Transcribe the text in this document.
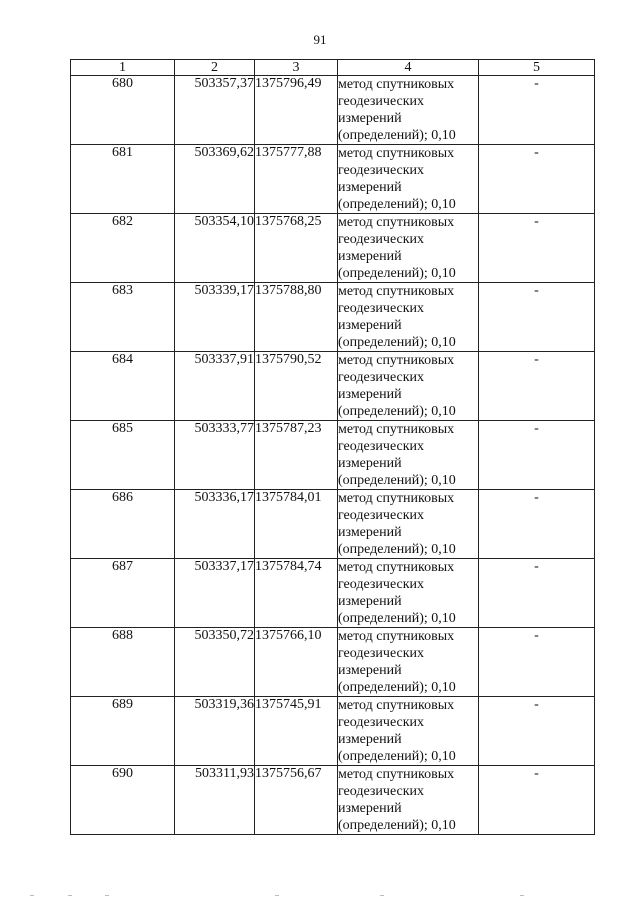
91
1	2	3	4	5
680	503357,37	1375796,49	метод спутниковых
геодезических
измерений
(определений); 0,10	-
681	503369,62	1375777,88	метод спутниковых
геодезических
измерений
(определений); 0,10	-
682	503354,10	1375768,25	метод спутниковых
геодезических
измерений
(определений); 0,10	-
683	503339,17	1375788,80	метод спутниковых
геодезических
измерений
(определений); 0,10	-
684	503337,91	1375790,52	метод спутниковых
геодезических
измерений
(определений); 0,10	-
685	503333,77	1375787,23	метод спутниковых
геодезических
измерений
(определений); 0,10	-
686	503336,17	1375784,01	метод спутниковых
геодезических
измерений
(определений); 0,10	-
687	503337,17	1375784,74	метод спутниковых
геодезических
измерений
(определений); 0,10	-
688	503350,72	1375766,10	метод спутниковых
геодезических
измерений
(определений); 0,10	-
689	503319,36	1375745,91	метод спутниковых
геодезических
измерений
(определений); 0,10	-
690	503311,93	1375756,67	метод спутниковых
геодезических
измерений
(определений); 0,10	-
